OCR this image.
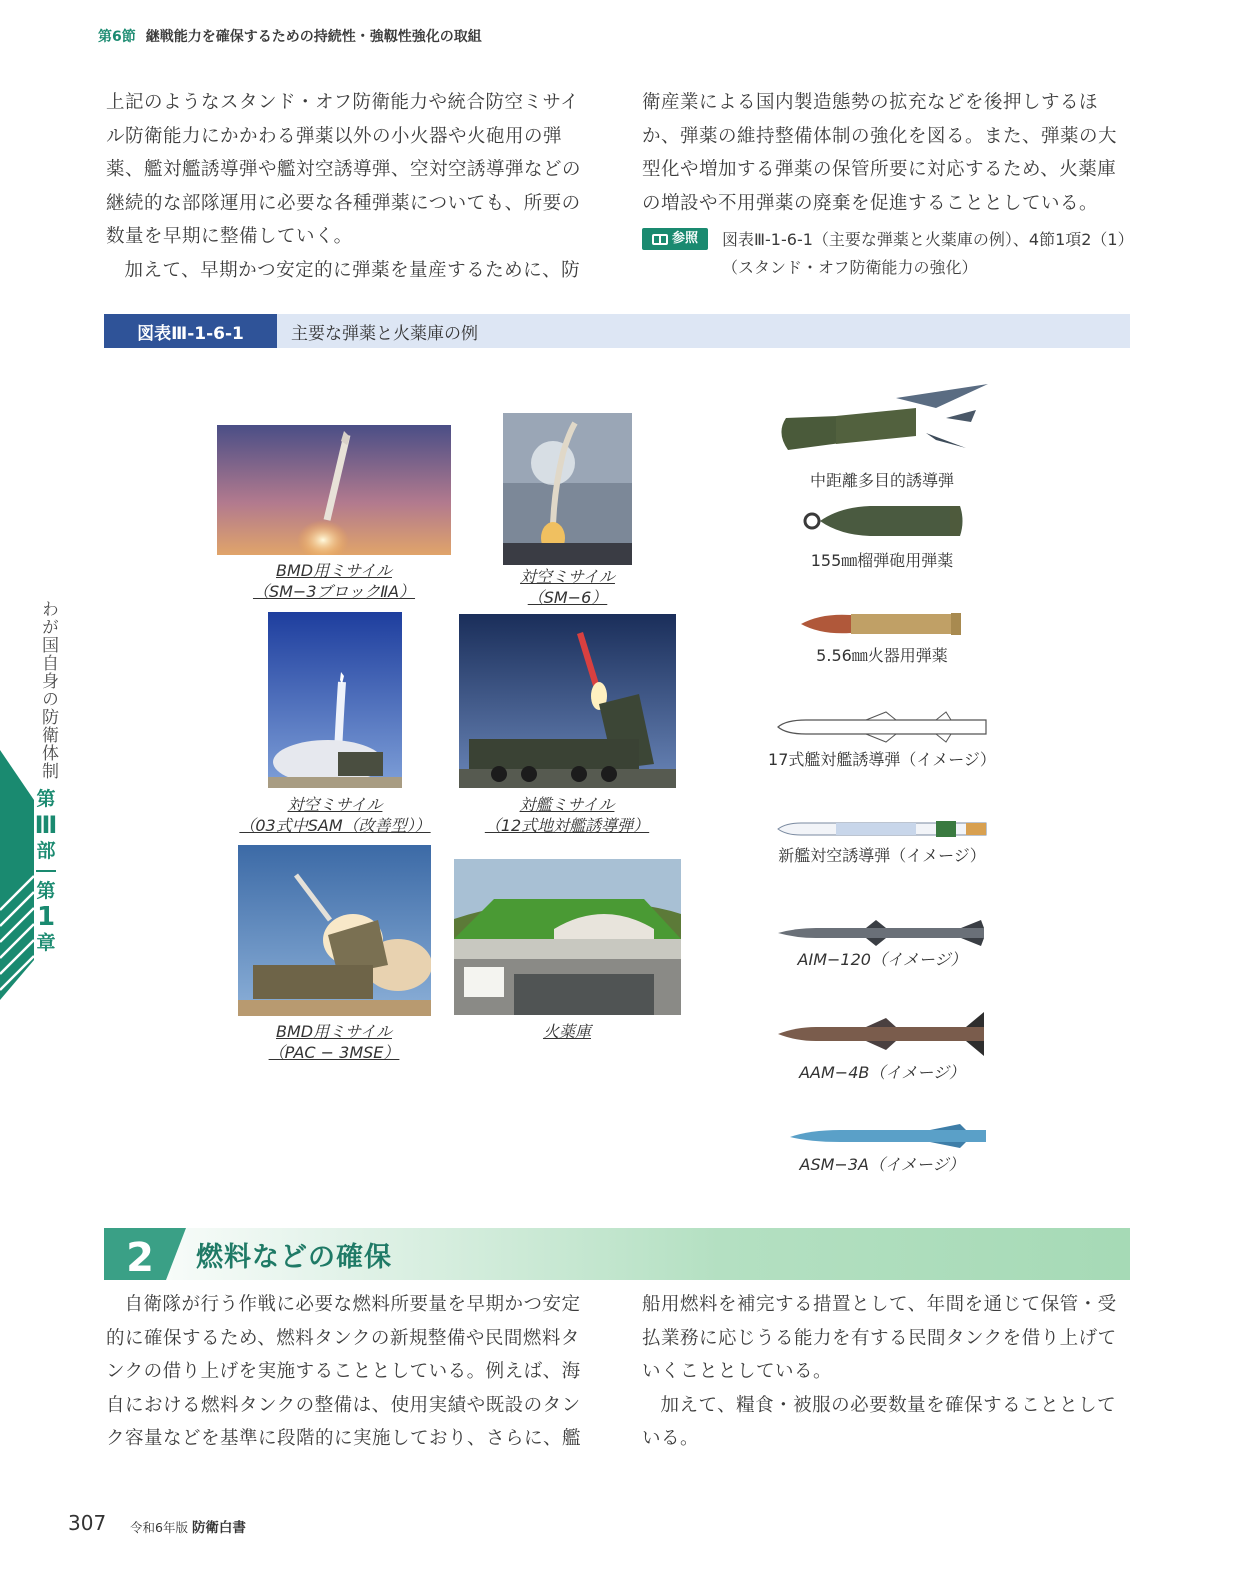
第6節 継戦能力を確保するための持続性・強靱性強化の取組

上記のようなスタンド・オフ防衛能力や統合防空ミサイル防衛能力にかかわる弾薬以外の小火器や火砲用の弾薬、艦対艦誘導弾や艦対空誘導弾、空対空誘導弾などの継続的な部隊運用に必要な各種弾薬についても、所要の数量を早期に整備していく。

加えて、早期かつ安定的に弾薬を量産するために、防

衛産業による国内製造態勢の拡充などを後押しするほか、弾薬の維持整備体制の強化を図る。また、弾薬の大型化や増加する弾薬の保管所要に対応するため、火薬庫の増設や不用弾薬の廃棄を促進することとしている。

参照 図表Ⅲ-1-6-1（主要な弾薬と火薬庫の例）、4節1項2（1）（スタンド・オフ防衛能力の強化）
図表Ⅲ-1-6-1	主要な弾薬と火薬庫の例
BMD用ミサイル
（SM−3ブロックⅡA）
対空ミサイル
（SM−6）
対空ミサイル
（03式中SAM（改善型））
対艦ミサイル
（12式地対艦誘導弾）
BMD用ミサイル
（PAC − 3MSE）
火薬庫
中距離多目的誘導弾
155㎜榴弾砲用弾薬
5.56㎜火器用弾薬
17式艦対艦誘導弾（イメージ）
新艦対空誘導弾（イメージ）
AIM−120（イメージ）
AAM−4B（イメージ）
ASM−3A（イメージ）
2 燃料などの確保

自衛隊が行う作戦に必要な燃料所要量を早期かつ安定的に確保するため、燃料タンクの新規整備や民間燃料タンクの借り上げを実施することとしている。例えば、海自における燃料タンクの整備は、使用実績や既設のタンク容量などを基準に段階的に実施しており、さらに、艦

船用燃料を補完する措置として、年間を通じて保管・受払業務に応じうる能力を有する民間タンクを借り上げていくこととしている。

加えて、糧食・被服の必要数量を確保することとしている。

わが国自身の防衛体制
第
Ⅲ
部
第
1
章
307 令和6年版 防衛白書
